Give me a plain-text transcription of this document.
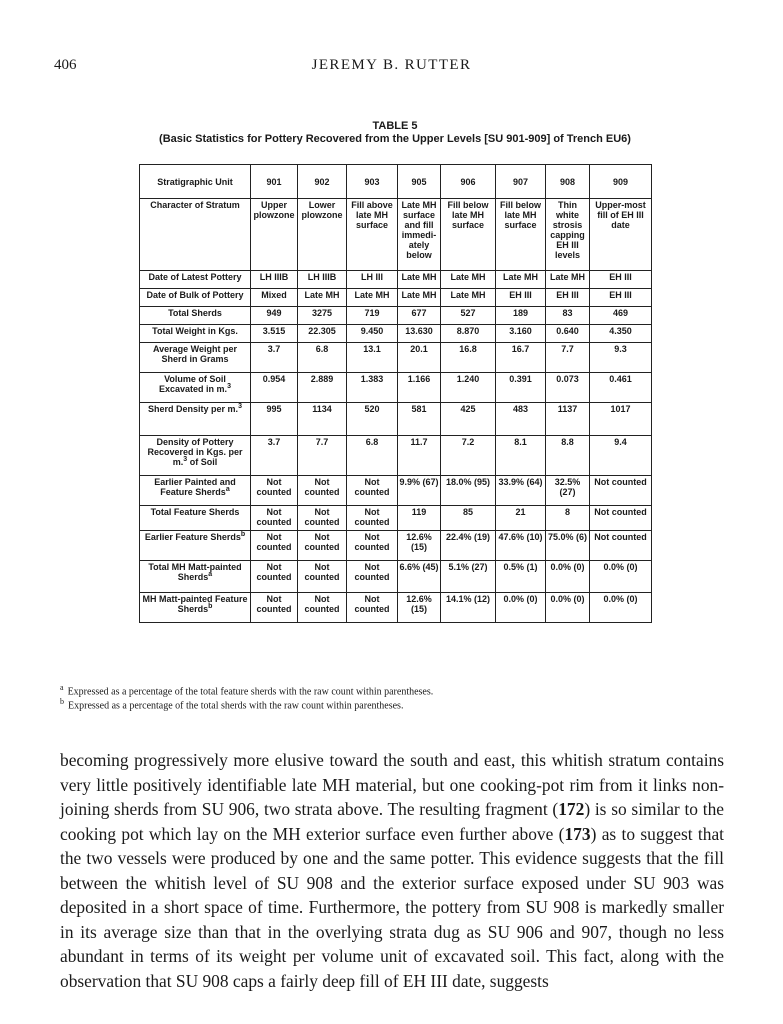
406	JEREMY B. RUTTER
TABLE 5
(Basic Statistics for Pottery Recovered from the Upper Levels [SU 901-909] of Trench EU6)
Stratigraphic Unit	901	902	903	905	906	907	908	909
Character of Stratum	Upper plowzone	Lower plowzone	Fill above late MH surface	Late MH surface and fill immedi-ately below	Fill below late MH surface	Fill below late MH surface	Thin white strosis capping EH III levels	Upper-most fill of EH III date
Date of Latest Pottery	LH IIIB	LH IIIB	LH III	Late MH	Late MH	Late MH	Late MH	EH III
Date of Bulk of Pottery	Mixed	Late MH	Late MH	Late MH	Late MH	EH III	EH III	EH III
Total Sherds	949	3275	719	677	527	189	83	469
Total Weight in Kgs.	3.515	22.305	9.450	13.630	8.870	3.160	0.640	4.350
Average Weight per Sherd in Grams	3.7	6.8	13.1	20.1	16.8	16.7	7.7	9.3
Volume of Soil Excavated in m.$^3$	0.954	2.889	1.383	1.166	1.240	0.391	0.073	0.461
Sherd Density per m.$^3$	995	1134	520	581	425	483	1137	1017
Density of Pottery Recovered in Kgs. per m.$^3$ of Soil	3.7	7.7	6.8	11.7	7.2	8.1	8.8	9.4
Earlier Painted and Feature Sherds$^a$	Not counted	Not counted	Not counted	9.9% (67)	18.0% (95)	33.9% (64)	32.5% (27)	Not counted
Total Feature Sherds	Not counted	Not counted	Not counted	119	85	21	8	Not counted
Earlier Feature Sherds$^b$	Not counted	Not counted	Not counted	12.6% (15)	22.4% (19)	47.6% (10)	75.0% (6)	Not counted
Total MH Matt-painted Sherds$^a$	Not counted	Not counted	Not counted	6.6% (45)	5.1% (27)	0.5% (1)	0.0% (0)	0.0% (0)
MH Matt-painted Feature Sherds$^b$	Not counted	Not counted	Not counted	12.6% (15)	14.1% (12)	0.0% (0)	0.0% (0)	0.0% (0)
$^a$ Expressed as a percentage of the total feature sherds with the raw count within parentheses.
$^b$ Expressed as a percentage of the total sherds with the raw count within parentheses.

becoming progressively more elusive toward the south and east, this whitish stratum contains very little positively identifiable late MH material, but one cooking-pot rim from it links non-joining sherds from SU 906, two strata above. The resulting fragment (172) is so similar to the cooking pot which lay on the MH exterior surface even further above (173) as to suggest that the two vessels were produced by one and the same potter. This evidence suggests that the fill between the whitish level of SU 908 and the exterior surface exposed under SU 903 was deposited in a short space of time. Furthermore, the pottery from SU 908 is markedly smaller in its average size than that in the overlying strata dug as SU 906 and 907, though no less abundant in terms of its weight per volume unit of excavated soil. This fact, along with the observation that SU 908 caps a fairly deep fill of EH III date, suggests
